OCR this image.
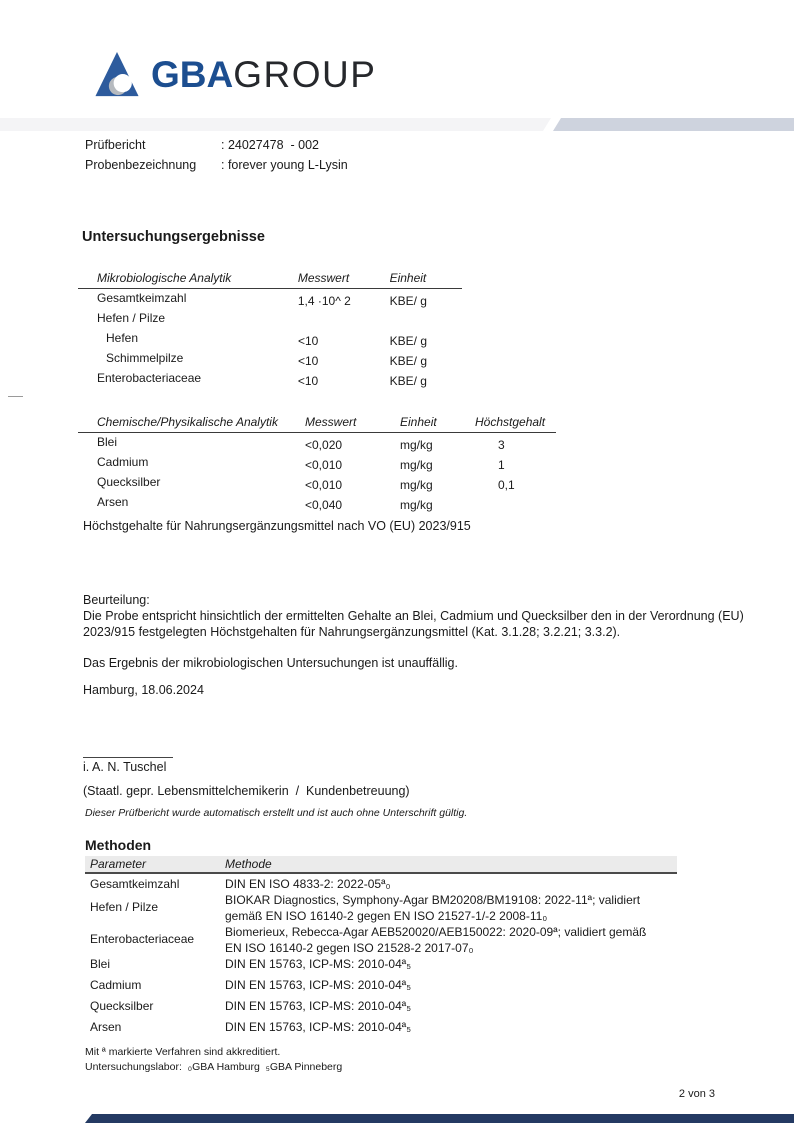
GBAGROUP
Prüfbericht	: 24027478  - 002
Probenbezeichnung	: forever young L-Lysin
Untersuchungsergebnisse
Mikrobiologische Analytik	Messwert	Einheit
Gesamtkeimzahl	1,4 ·10^ 2	KBE/ g
Hefen / Pilze
Hefen	<10	KBE/ g
Schimmelpilze	<10	KBE/ g
Enterobacteriaceae	<10	KBE/ g
Chemische/Physikalische Analytik	Messwert	Einheit	Höchstgehalt
Blei	<0,020	mg/kg	3
Cadmium	<0,010	mg/kg	1
Quecksilber	<0,010	mg/kg	0,1
Arsen	<0,040	mg/kg
Höchstgehalte für Nahrungsergänzungsmittel nach VO (EU) 2023/915
Beurteilung:
Die Probe entspricht hinsichtlich der ermittelten Gehalte an Blei, Cadmium und Quecksilber den in der Verordnung (EU) 2023/915 festgelegten Höchstgehalten für Nahrungsergänzungsmittel (Kat. 3.1.28; 3.2.21; 3.3.2).
Das Ergebnis der mikrobiologischen Untersuchungen ist unauffällig.
Hamburg, 18.06.2024
i. A. N. Tuschel
(Staatl. gepr. Lebensmittelchemikerin  /  Kundenbetreuung)
Dieser Prüfbericht wurde automatisch erstellt und ist auch ohne Unterschrift gültig.
Methoden
Parameter	Methode
Gesamtkeimzahl	DIN EN ISO 4833-2: 2022-05ª₀
Hefen / Pilze	BIOKAR Diagnostics, Symphony-Agar BM20208/BM19108: 2022-11ª; validiert gemäß EN ISO 16140-2 gegen EN ISO 21527-1/-2 2008-11₀
Enterobacteriaceae	Biomerieux, Rebecca-Agar AEB520020/AEB150022: 2020-09ª; validiert gemäß EN ISO 16140-2 gegen ISO 21528-2 2017-07₀
Blei	DIN EN 15763, ICP-MS: 2010-04ª₅
Cadmium	DIN EN 15763, ICP-MS: 2010-04ª₅
Quecksilber	DIN EN 15763, ICP-MS: 2010-04ª₅
Arsen	DIN EN 15763, ICP-MS: 2010-04ª₅
Mit ª markierte Verfahren sind akkreditiert.
Untersuchungslabor:  ₀GBA Hamburg  ₅GBA Pinneberg
2 von 3
